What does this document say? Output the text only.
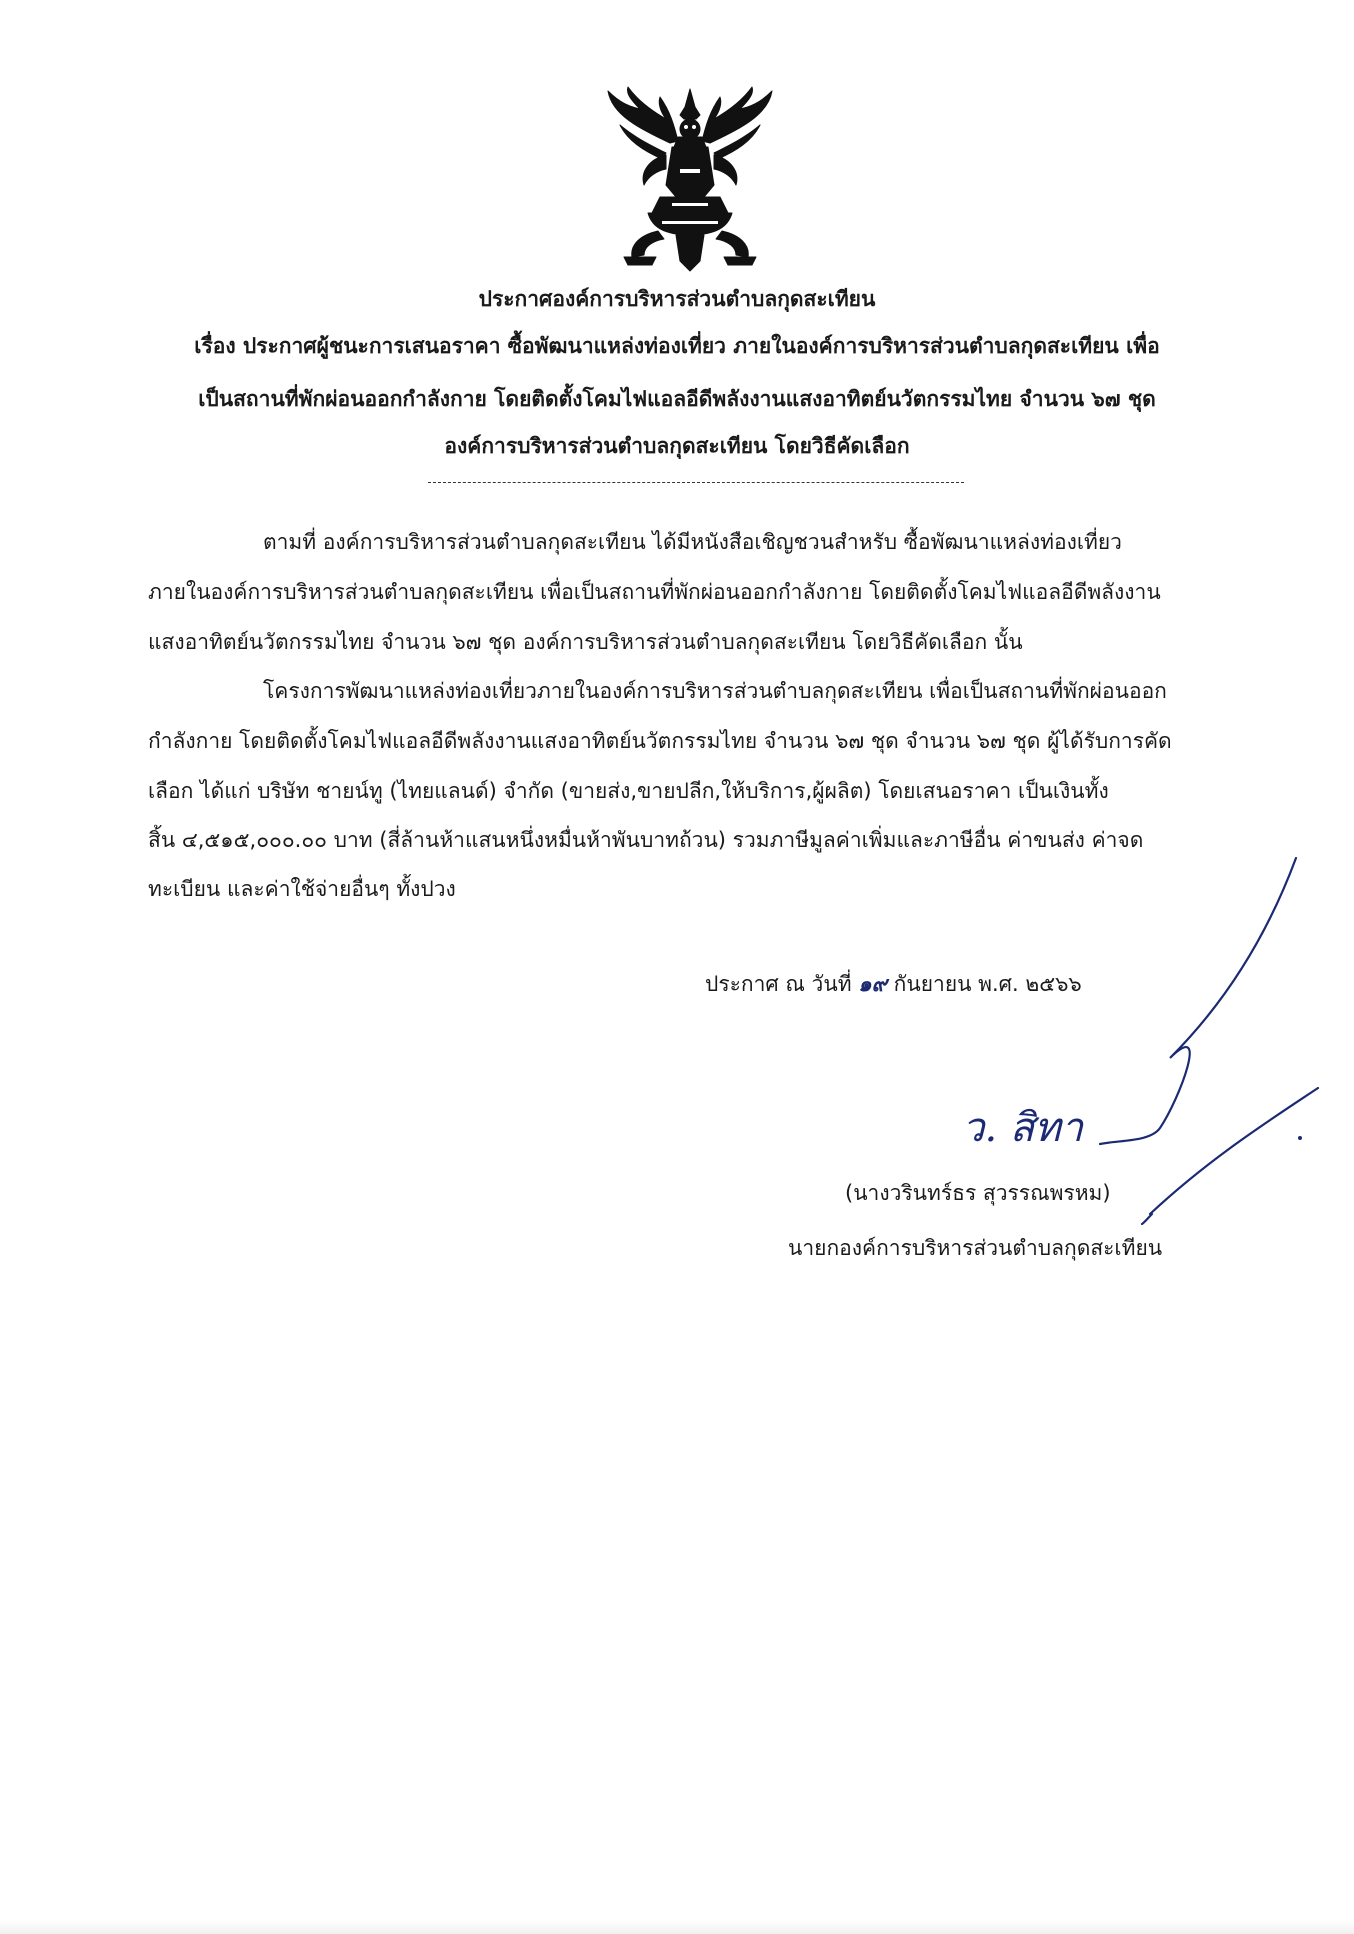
ประกาศองค์การบริหารส่วนตำบลกุดสะเทียน
เรื่อง ประกาศผู้ชนะการเสนอราคา ซื้อพัฒนาแหล่งท่องเที่ยว ภายในองค์การบริหารส่วนตำบลกุดสะเทียน เพื่อ
เป็นสถานที่พักผ่อนออกกำลังกาย โดยติดตั้งโคมไฟแอลอีดีพลังงานแสงอาทิตย์นวัตกรรมไทย จำนวน ๖๗ ชุด
องค์การบริหารส่วนตำบลกุดสะเทียน โดยวิธีคัดเลือก
ตามที่ องค์การบริหารส่วนตำบลกุดสะเทียน ได้มีหนังสือเชิญชวนสำหรับ ซื้อพัฒนาแหล่งท่องเที่ยว
ภายในองค์การบริหารส่วนตำบลกุดสะเทียน เพื่อเป็นสถานที่พักผ่อนออกกำลังกาย โดยติดตั้งโคมไฟแอลอีดีพลังงาน
แสงอาทิตย์นวัตกรรมไทย จำนวน ๖๗ ชุด องค์การบริหารส่วนตำบลกุดสะเทียน โดยวิธีคัดเลือก นั้น
โครงการพัฒนาแหล่งท่องเที่ยวภายในองค์การบริหารส่วนตำบลกุดสะเทียน เพื่อเป็นสถานที่พักผ่อนออก
กำลังกาย โดยติดตั้งโคมไฟแอลอีดีพลังงานแสงอาทิตย์นวัตกรรมไทย จำนวน ๖๗ ชุด จำนวน ๖๗ ชุด ผู้ได้รับการคัด
เลือก ได้แก่ บริษัท ชายน์ทู (ไทยแลนด์) จำกัด (ขายส่ง,ขายปลีก,ให้บริการ,ผู้ผลิต) โดยเสนอราคา เป็นเงินทั้ง
สิ้น ๔,๕๑๕,๐๐๐.๐๐ บาท (สี่ล้านห้าแสนหนึ่งหมื่นห้าพันบาทถ้วน) รวมภาษีมูลค่าเพิ่มและภาษีอื่น ค่าขนส่ง ค่าจด
ทะเบียน และค่าใช้จ่ายอื่นๆ ทั้งปวง
ประกาศ ณ วันที่ ๑๙ กันยายน พ.ศ. ๒๕๖๖
ว. สิทา
(นางวรินทร์ธร สุวรรณพรหม)
นายกองค์การบริหารส่วนตำบลกุดสะเทียน
